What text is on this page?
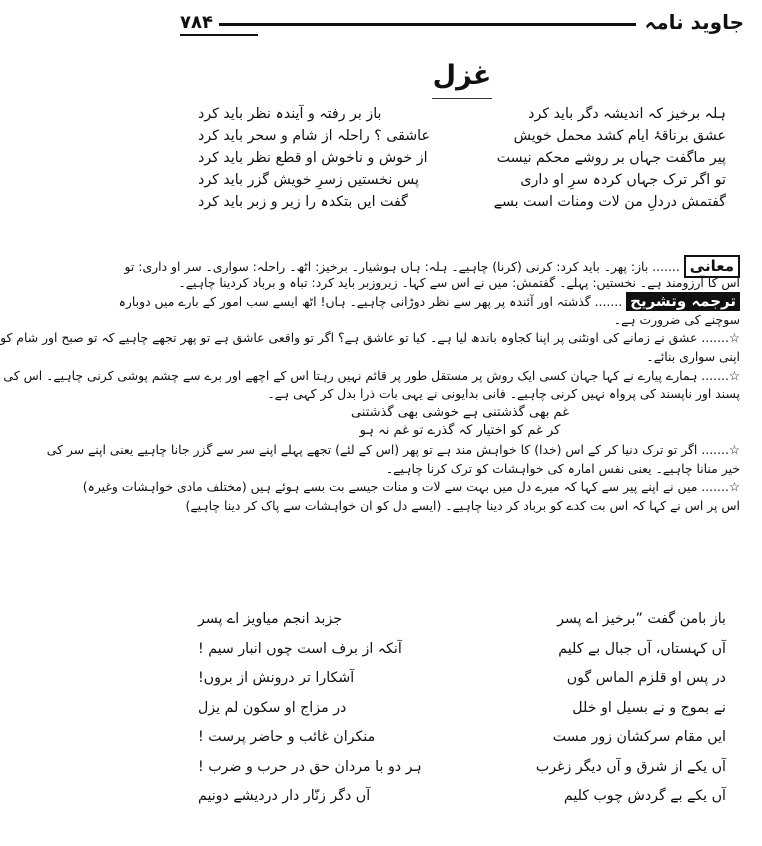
جاوید نامہ
۷۸۴
غزل
ہلہ برخیز کہ اندیشہ دگر باید کرد
باز بر رفتہ و آیندہ نظر باید کرد
عشق برناقۂ ایام کشد محمل خویش
عاشقی ؟ راحلہ از شام و سحر باید کرد
پیر ماگفت جہاں بر روشے محکم نیست
از خوش و ناخوش او قطع نظر باید کرد
تو اگر ترک جہاں کردہ سرِ او داری
پس نخستیں زسرِ خویش گزر باید کرد
گفتمش دردلِ من لات ومنات است بسے
گفت ایں بتکدہ را زیر و زبر باید کرد
معانی....... باز: پھر۔ باید کرد: کرنی (کرنا) چاہیے۔ ہلہ: ہاں ہوشیار۔ برخیز: اٹھ۔ راحلہ: سواری۔ سر او داری: تو
اس کا آرزومند ہے۔ نخستیں: پہلے۔ گفتمش: میں نے اس سے کہا۔ زیروزبر باید کرد: تباہ و برباد کردینا چاہیے۔
ترجمہ وتشریح....... گذشتہ اور آئندہ پر پھر سے نظر دوڑانی چاہیے۔ ہاں! اٹھ ایسے سب امور کے بارے میں دوبارہ
سوچنے کی ضرورت ہے۔
☆....... عشق نے زمانے کی اونٹنی پر اپنا کجاوہ باندھ لیا ہے۔ کیا تو عاشق ہے؟ اگر تو واقعی عاشق ہے تو پھر تجھے چاہیے کہ تو صبح اور شام کو
اپنی سواری بنائے۔
☆....... ہمارے پیارے نے کہا جہان کسی ایک روش پر مستقل طور پر قائم نہیں رہتا اس کے اچھے اور برے سے چشم پوشی کرنی چاہیے۔ اس کی
پسند اور ناپسند کی پرواہ نہیں کرنی چاہیے۔ فانی بدایونی نے یہی بات ذرا بدل کر کہی ہے۔
غم بھی گذشتنی ہے خوشی بھی گذشتنی
کر غم کو اختیار کہ گذرے تو غم نہ ہو
☆....... اگر تو ترک دنیا کر کے اس (خدا) کا خواہش مند ہے تو پھر (اس کے لئے) تجھے پہلے اپنے سر سے گزر جانا چاہیے یعنی اپنے سر کی
خیر منانا چاہیے۔ یعنی نفس امارہ کی خواہشات کو ترک کرنا چاہیے۔
☆....... میں نے اپنے پیر سے کہا کہ میرے دل میں بہت سے لات و منات جیسے بت بسے ہوئے ہیں (مختلف مادی خواہشات وغیرہ)
اس پر اس نے کہا کہ اس بت کدے کو برباد کر دینا چاہیے۔ (ایسے دل کو ان خواہشات سے پاک کر دینا چاہیے)
باز بامن گفت ”برخیز اے پسر
جزبد انجم میاویز اے پسر
آں کہستاں، آں جبال بے کلیم
آنکہ از برف است چوں انبار سیم !
در پس او قلزم الماس گوں
آشکارا تر درونش از بروں!
نے بموج و نے بسیل او خلل
در مزاج او سکون لم یزل
ایں مقام سرکشان زور مست
منکران غائب و حاضر پرست !
آں یکے از شرق و آں دیگر زغرب
ہر دو با مردان حق در حرب و ضرب !
آں یکے بے گردش چوب کلیم
آں دگر زنّار دار دردیشے دونیم
